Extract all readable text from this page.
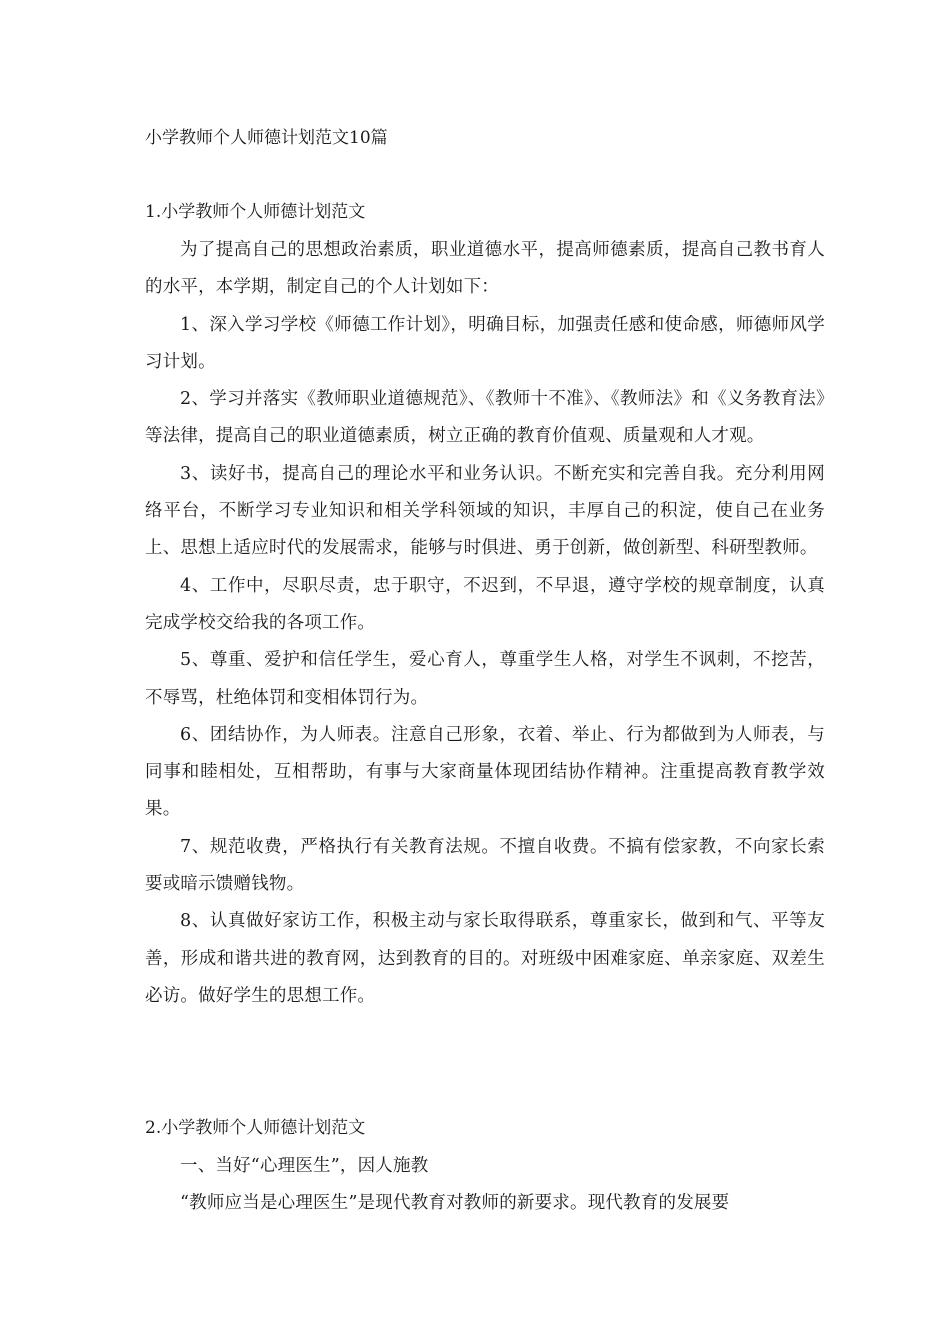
小学教师个人师德计划范文10篇
1.小学教师个人师德计划范文

为了提高自己的思想政治素质，职业道德水平，提高师德素质，提高自己教书育人的水平，本学期，制定自己的个人计划如下：

1、深入学习学校《师德工作计划》，明确目标，加强责任感和使命感，师德师风学习计划。

2、学习并落实《教师职业道德规范》、《教师十不准》、《教师法》和《义务教育法》等法律，提高自己的职业道德素质，树立正确的教育价值观、质量观和人才观。

3、读好书，提高自己的理论水平和业务认识。不断充实和完善自我。充分利用网络平台，不断学习专业知识和相关学科领域的知识，丰厚自己的积淀，使自己在业务上、思想上适应时代的发展需求，能够与时俱进、勇于创新，做创新型、科研型教师。

4、工作中，尽职尽责，忠于职守，不迟到，不早退，遵守学校的规章制度，认真完成学校交给我的各项工作。

5、尊重、爱护和信任学生，爱心育人，尊重学生人格，对学生不讽刺，不挖苦，不辱骂，杜绝体罚和变相体罚行为。

6、团结协作，为人师表。注意自己形象，衣着、举止、行为都做到为人师表，与同事和睦相处，互相帮助，有事与大家商量体现团结协作精神。注重提高教育教学效果。

7、规范收费，严格执行有关教育法规。不擅自收费。不搞有偿家教，不向家长索要或暗示馈赠钱物。

8、认真做好家访工作，积极主动与家长取得联系，尊重家长，做到和气、平等友善，形成和谐共进的教育网，达到教育的目的。对班级中困难家庭、单亲家庭、双差生必访。做好学生的思想工作。

2.小学教师个人师德计划范文

一、当好“心理医生”，因人施教

“教师应当是心理医生”是现代教育对教师的新要求。现代教育的发展要
